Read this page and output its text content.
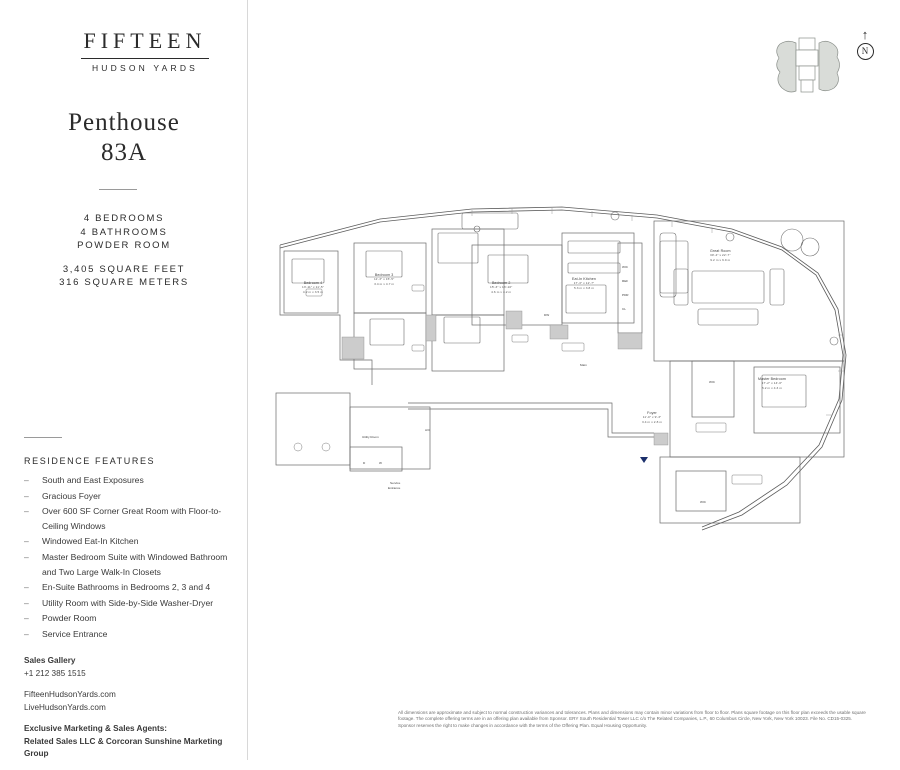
FIFTEEN
HUDSON YARDS
Penthouse
83A
4 BEDROOMS
4 BATHROOMS
POWDER ROOM
3,405 SQUARE FEET
316 SQUARE METERS
RESIDENCE FEATURES
– South and East Exposures
– Gracious Foyer
– Over 600 SF Corner Great Room with Floor-to-Ceiling Windows
– Windowed Eat-In Kitchen
– Master Bedroom Suite with Windowed Bathroom and Two Large Walk-In Closets
– En-Suite Bathrooms in Bedrooms 2, 3 and 4
– Utility Room with Side-by-Side Washer-Dryer
– Powder Room
– Service Entrance
Sales Gallery
+1 212 385 1515
FifteenHudsonYards.com
LiveHudsonYards.com
Exclusive Marketing & Sales Agents:
Related Sales LLC & Corcoran Sunshine Marketing Group
↑
N
Bedroom 4
13'-11" x 11'-5"
4.2 m x 3.5 m
Bedroom 3
11'-3" x 15'-5"
3.4 m x 4.7 m	Bedroom 2
15'-3" x 13'-10"
4.6 m x 4.2 m
Eat-In Kitchen
17'-3" x 12'-7"
5.3 m x 3.8 m
Great Room
30'-4" x 22'-7"
9.2 m x 6.9 m
Master Bedroom
17'-2" x 14'-0"
5.2 m x 4.3 m
Foyer
11'-0" x 9'-3"
3.4 m x 2.8 m
WIC
WIC
Main
Utility Room
A/V
D	W
Service
Entrance
WIC
REF
DW
PDR
CL
All dimensions are approximate and subject to normal construction variances and tolerances. Plans and dimensions may contain minor variations from floor to floor. Plans square footage on this floor plan exceeds the usable square footage. The complete offering terms are in an offering plan available from Sponsor. ERY South Residential Tower LLC c/o The Related Companies, L.P., 60 Columbus Circle, New York, New York 10023. File No. CD15-0325. Sponsor reserves the right to make changes in accordance with the terms of the Offering Plan. Equal Housing Opportunity.
